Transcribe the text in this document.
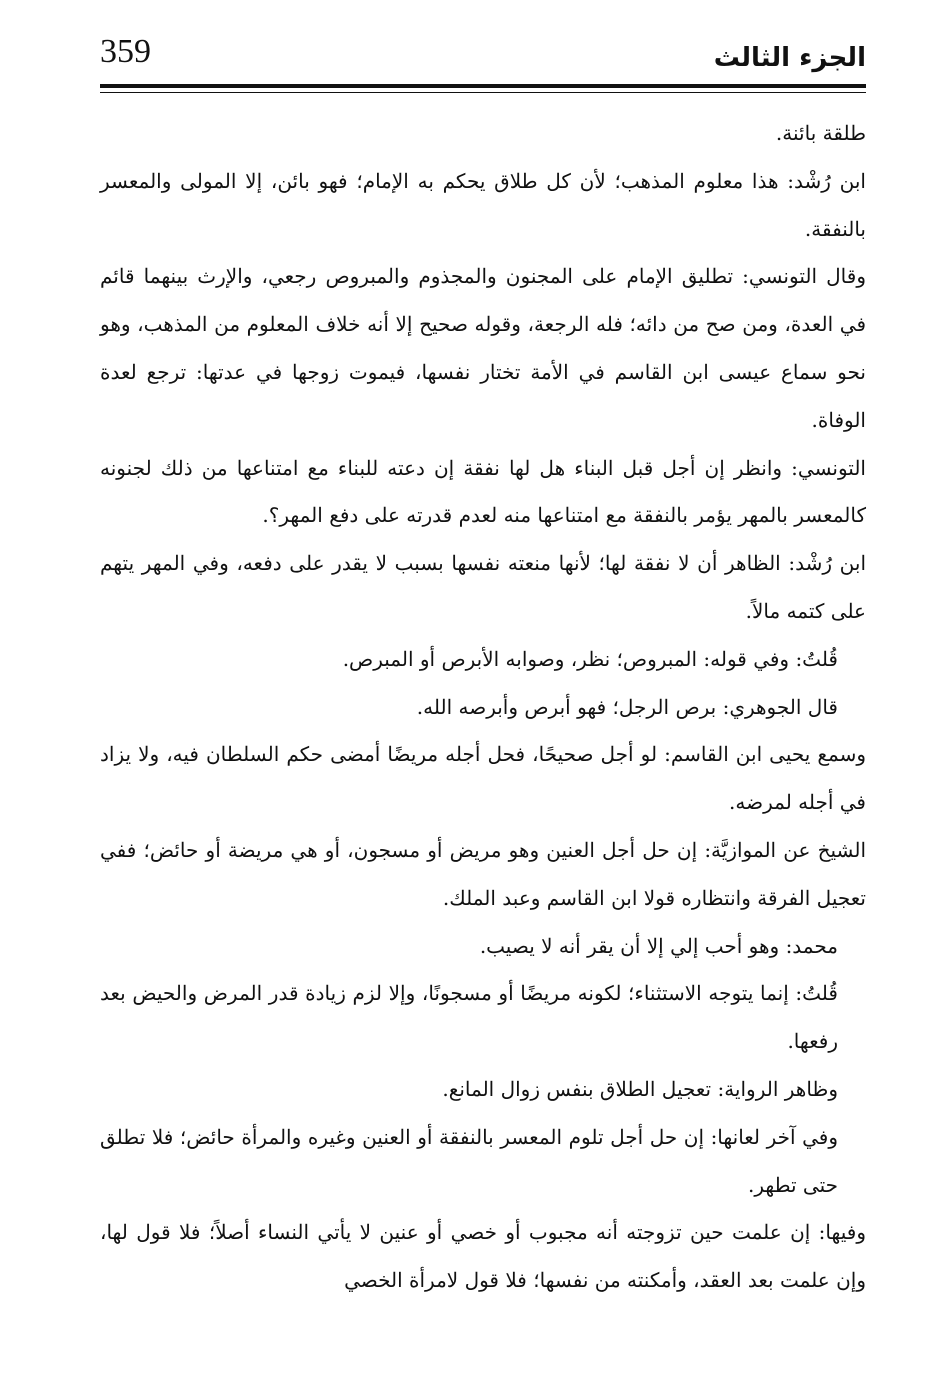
359	الجزء الثالث

طلقة بائنة.

ابن رُشْد: هذا معلوم المذهب؛ لأن كل طلاق يحكم به الإمام؛ فهو بائن، إلا المولى والمعسر بالنفقة.

وقال التونسي: تطليق الإمام على المجنون والمجذوم والمبروص رجعي، والإرث بينهما قائم في العدة، ومن صح من دائه؛ فله الرجعة، وقوله صحيح إلا أنه خلاف المعلوم من المذهب، وهو نحو سماع عيسى ابن القاسم في الأمة تختار نفسها، فيموت زوجها في عدتها: ترجع لعدة الوفاة.

التونسي: وانظر إن أجل قبل البناء هل لها نفقة إن دعته للبناء مع امتناعها من ذلك لجنونه كالمعسر بالمهر يؤمر بالنفقة مع امتناعها منه لعدم قدرته على دفع المهر؟.

ابن رُشْد: الظاهر أن لا نفقة لها؛ لأنها منعته نفسها بسبب لا يقدر على دفعه، وفي المهر يتهم على كتمه مالاً.

قُلتُ: وفي قوله: المبروص؛ نظر، وصوابه الأبرص أو المبرص.

قال الجوهري: برص الرجل؛ فهو أبرص وأبرصه الله.

وسمع يحيى ابن القاسم: لو أجل صحيحًا، فحل أجله مريضًا أمضى حكم السلطان فيه، ولا يزاد في أجله لمرضه.

الشيخ عن الموازيَّة: إن حل أجل العنين وهو مريض أو مسجون، أو هي مريضة أو حائض؛ ففي تعجيل الفرقة وانتظاره قولا ابن القاسم وعبد الملك.

محمد: وهو أحب إلي إلا أن يقر أنه لا يصيب.

قُلتُ: إنما يتوجه الاستثناء؛ لكونه مريضًا أو مسجونًا، وإلا لزم زيادة قدر المرض والحيض بعد رفعها.

وظاهر الرواية: تعجيل الطلاق بنفس زوال المانع.

وفي آخر لعانها: إن حل أجل تلوم المعسر بالنفقة أو العنين وغيره والمرأة حائض؛ فلا تطلق حتى تطهر.

وفيها: إن علمت حين تزوجته أنه مجبوب أو خصي أو عنين لا يأتي النساء أصلاً؛ فلا قول لها، وإن علمت بعد العقد، وأمكنته من نفسها؛ فلا قول لامرأة الخصي
